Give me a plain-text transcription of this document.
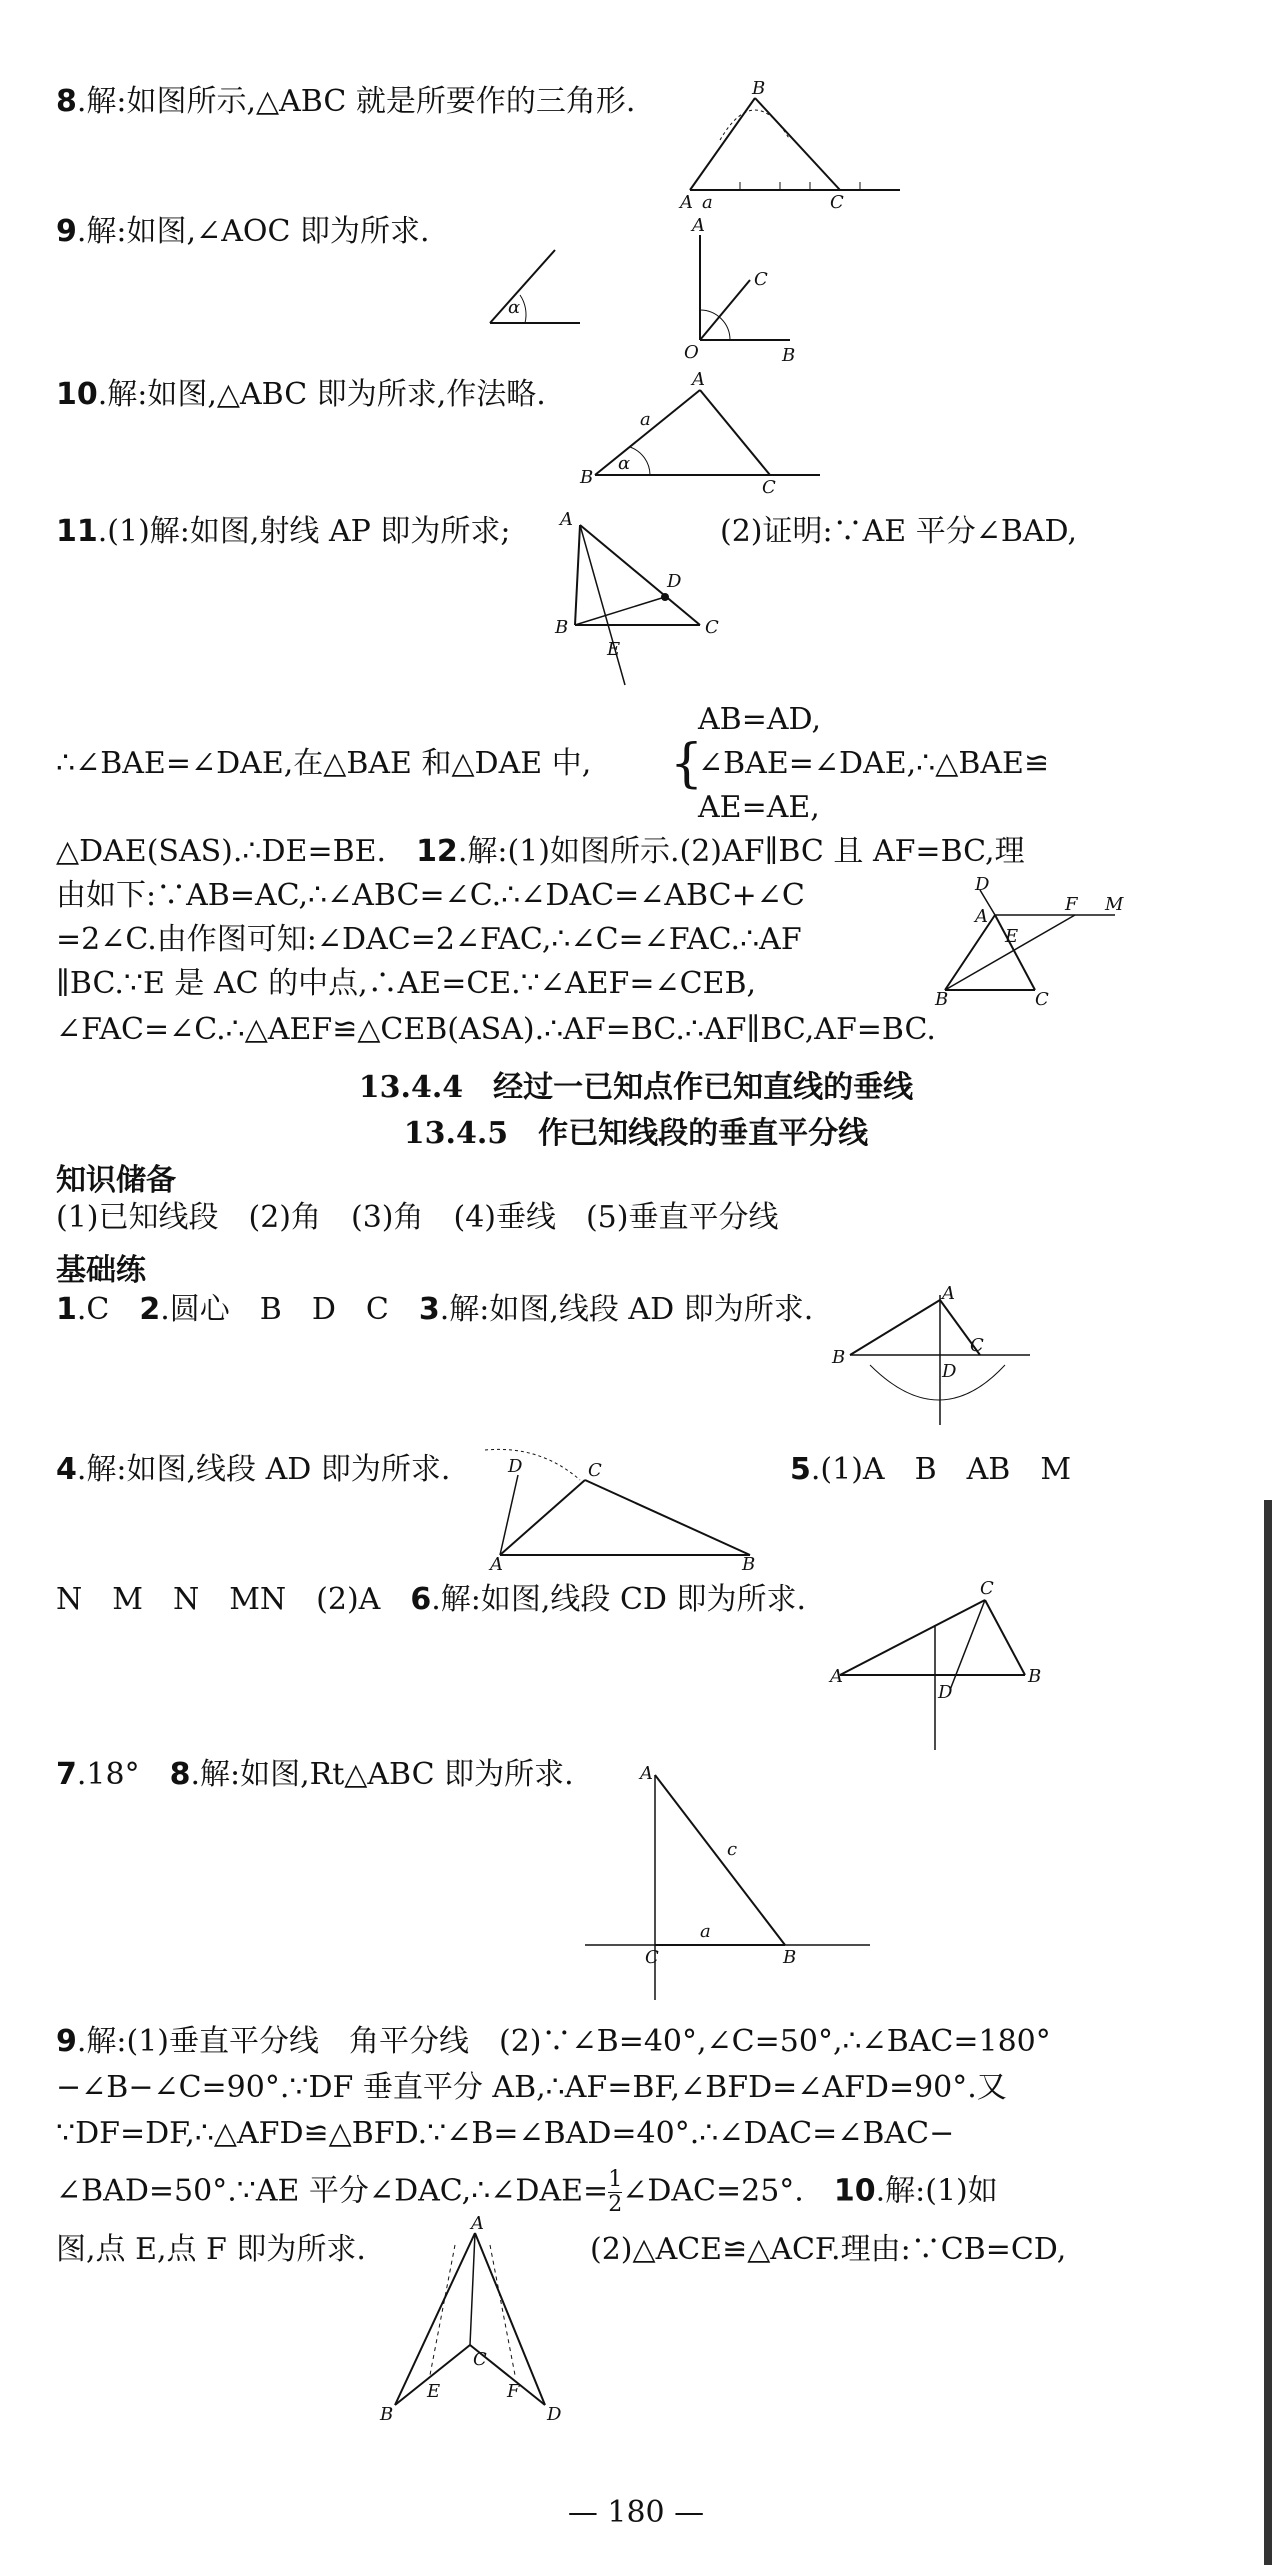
8.解:如图所示,△ABC 就是所要作的三角形.	B
A a	C
9.解:如图,∠AOC 即为所求.
α
A
C
O	B
10.解:如图,△ABC 即为所求,作法略.	A
a
B
α
C
11.(1)解:如图,射线 AP 即为所求;	(2)证明:∵AE 平分∠BAD,
A
D
B	C
E
∴∠BAE=∠DAE,在△BAE 和△DAE 中, {
AB=AD,
∠BAE=∠DAE,∴△BAE≌
AE=AE,
△DAE(SAS).∴DE=BE.　 12.解:(1)如图所示.(2)AF∥BC 且 AF=BC,理
由如下:∵AB=AC,∴∠ABC=∠C.∴∠DAC=∠ABC+∠C
=2∠C.由作图可知:∠DAC=2∠FAC,∴∠C=∠FAC.∴AF
∥BC.∵E 是 AC 的中点,∴AE=CE.∵∠AEF=∠CEB,
∠FAC=∠C.∴△AEF≌△CEB(ASA).∴AF=BC.∴AF∥BC,AF=BC.
D
F M
A
E
B	C
13.4.4　经过一已知点作已知直线的垂线
13.4.5　作已知线段的垂直平分线
知识储备
(1)已知线段　(2)角　(3)角　(4)垂线　(5)垂直平分线
基础练
1.C　2.圆心　B　D　C　3.解:如图,线段 AD 即为所求.	A
B
C
D
4.解:如图,线段 AD 即为所求.	5.(1)A　B　AB　M
D	C
A	B
N　M　N　MN　(2)A　6.解:如图,线段 CD 即为所求.	C
A	B
D
7.18°　8.解:如图,Rt△ABC 即为所求.	A
c
C
a
B
9.解:(1)垂直平分线　角平分线　(2)∵∠B=40°,∠C=50°,∴∠BAC=180°
−∠B−∠C=90°.∵DF 垂直平分 AB,∴AF=BF,∠BFD=∠AFD=90°.又
∵DF=DF,∴△AFD≌△BFD.∵∠B=∠BAD=40°.∴∠DAC=∠BAC−
∠BAD=50°.∵AE 平分∠DAC,∴∠DAE= $\frac{1}{2}$ ∠DAC=25°.　 10.解:(1)如
图,点 E,点 F 即为所求.	(2)△ACE≌△ACF.理由:∵CB=CD,
A
C
B
E	F
D
— 180 —
